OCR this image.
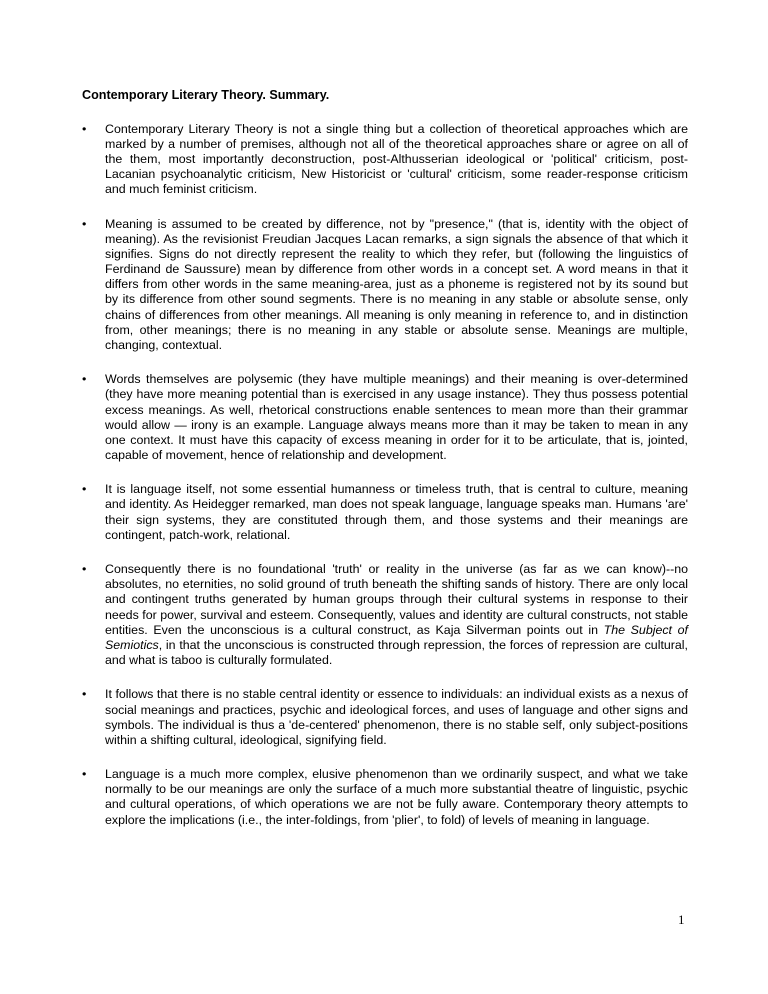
Contemporary Literary Theory. Summary.
• Contemporary Literary Theory is not a single thing but a collection of theoretical approaches which are marked by a number of premises, although not all of the theoretical approaches share or agree on all of the them, most importantly deconstruction, post-Althusserian ideological or 'political' criticism, post-Lacanian psychoanalytic criticism, New Historicist or 'cultural' criticism, some reader-response criticism and much feminist criticism.

• Meaning is assumed to be created by difference, not by "presence," (that is, identity with the object of meaning). As the revisionist Freudian Jacques Lacan remarks, a sign signals the absence of that which it signifies. Signs do not directly represent the reality to which they refer, but (following the linguistics of Ferdinand de Saussure) mean by difference from other words in a concept set. A word means in that it differs from other words in the same meaning-area, just as a phoneme is registered not by its sound but by its difference from other sound segments. There is no meaning in any stable or absolute sense, only chains of differences from other meanings. All meaning is only meaning in reference to, and in distinction from, other meanings; there is no meaning in any stable or absolute sense. Meanings are multiple, changing, contextual.

• Words themselves are polysemic (they have multiple meanings) and their meaning is over-determined (they have more meaning potential than is exercised in any usage instance). They thus possess potential excess meanings. As well, rhetorical constructions enable sentences to mean more than their grammar would allow — irony is an example. Language always means more than it may be taken to mean in any one context. It must have this capacity of excess meaning in order for it to be articulate, that is, jointed, capable of movement, hence of relationship and development.

• It is language itself, not some essential humanness or timeless truth, that is central to culture, meaning and identity. As Heidegger remarked, man does not speak language, language speaks man. Humans 'are' their sign systems, they are constituted through them, and those systems and their meanings are contingent, patch-work, relational.

• Consequently there is no foundational 'truth' or reality in the universe (as far as we can know)--no absolutes, no eternities, no solid ground of truth beneath the shifting sands of history. There are only local and contingent truths generated by human groups through their cultural systems in response to their needs for power, survival and esteem. Consequently, values and identity are cultural constructs, not stable entities. Even the unconscious is a cultural construct, as Kaja Silverman points out in The Subject of Semiotics, in that the unconscious is constructed through repression, the forces of repression are cultural, and what is taboo is culturally formulated.

• It follows that there is no stable central identity or essence to individuals: an individual exists as a nexus of social meanings and practices, psychic and ideological forces, and uses of language and other signs and symbols. The individual is thus a 'de-centered' phenomenon, there is no stable self, only subject-positions within a shifting cultural, ideological, signifying field.

• Language is a much more complex, elusive phenomenon than we ordinarily suspect, and what we take normally to be our meanings are only the surface of a much more substantial theatre of linguistic, psychic and cultural operations, of which operations we are not be fully aware. Contemporary theory attempts to explore the implications (i.e., the inter-foldings, from 'plier', to fold) of levels of meaning in language.

1
